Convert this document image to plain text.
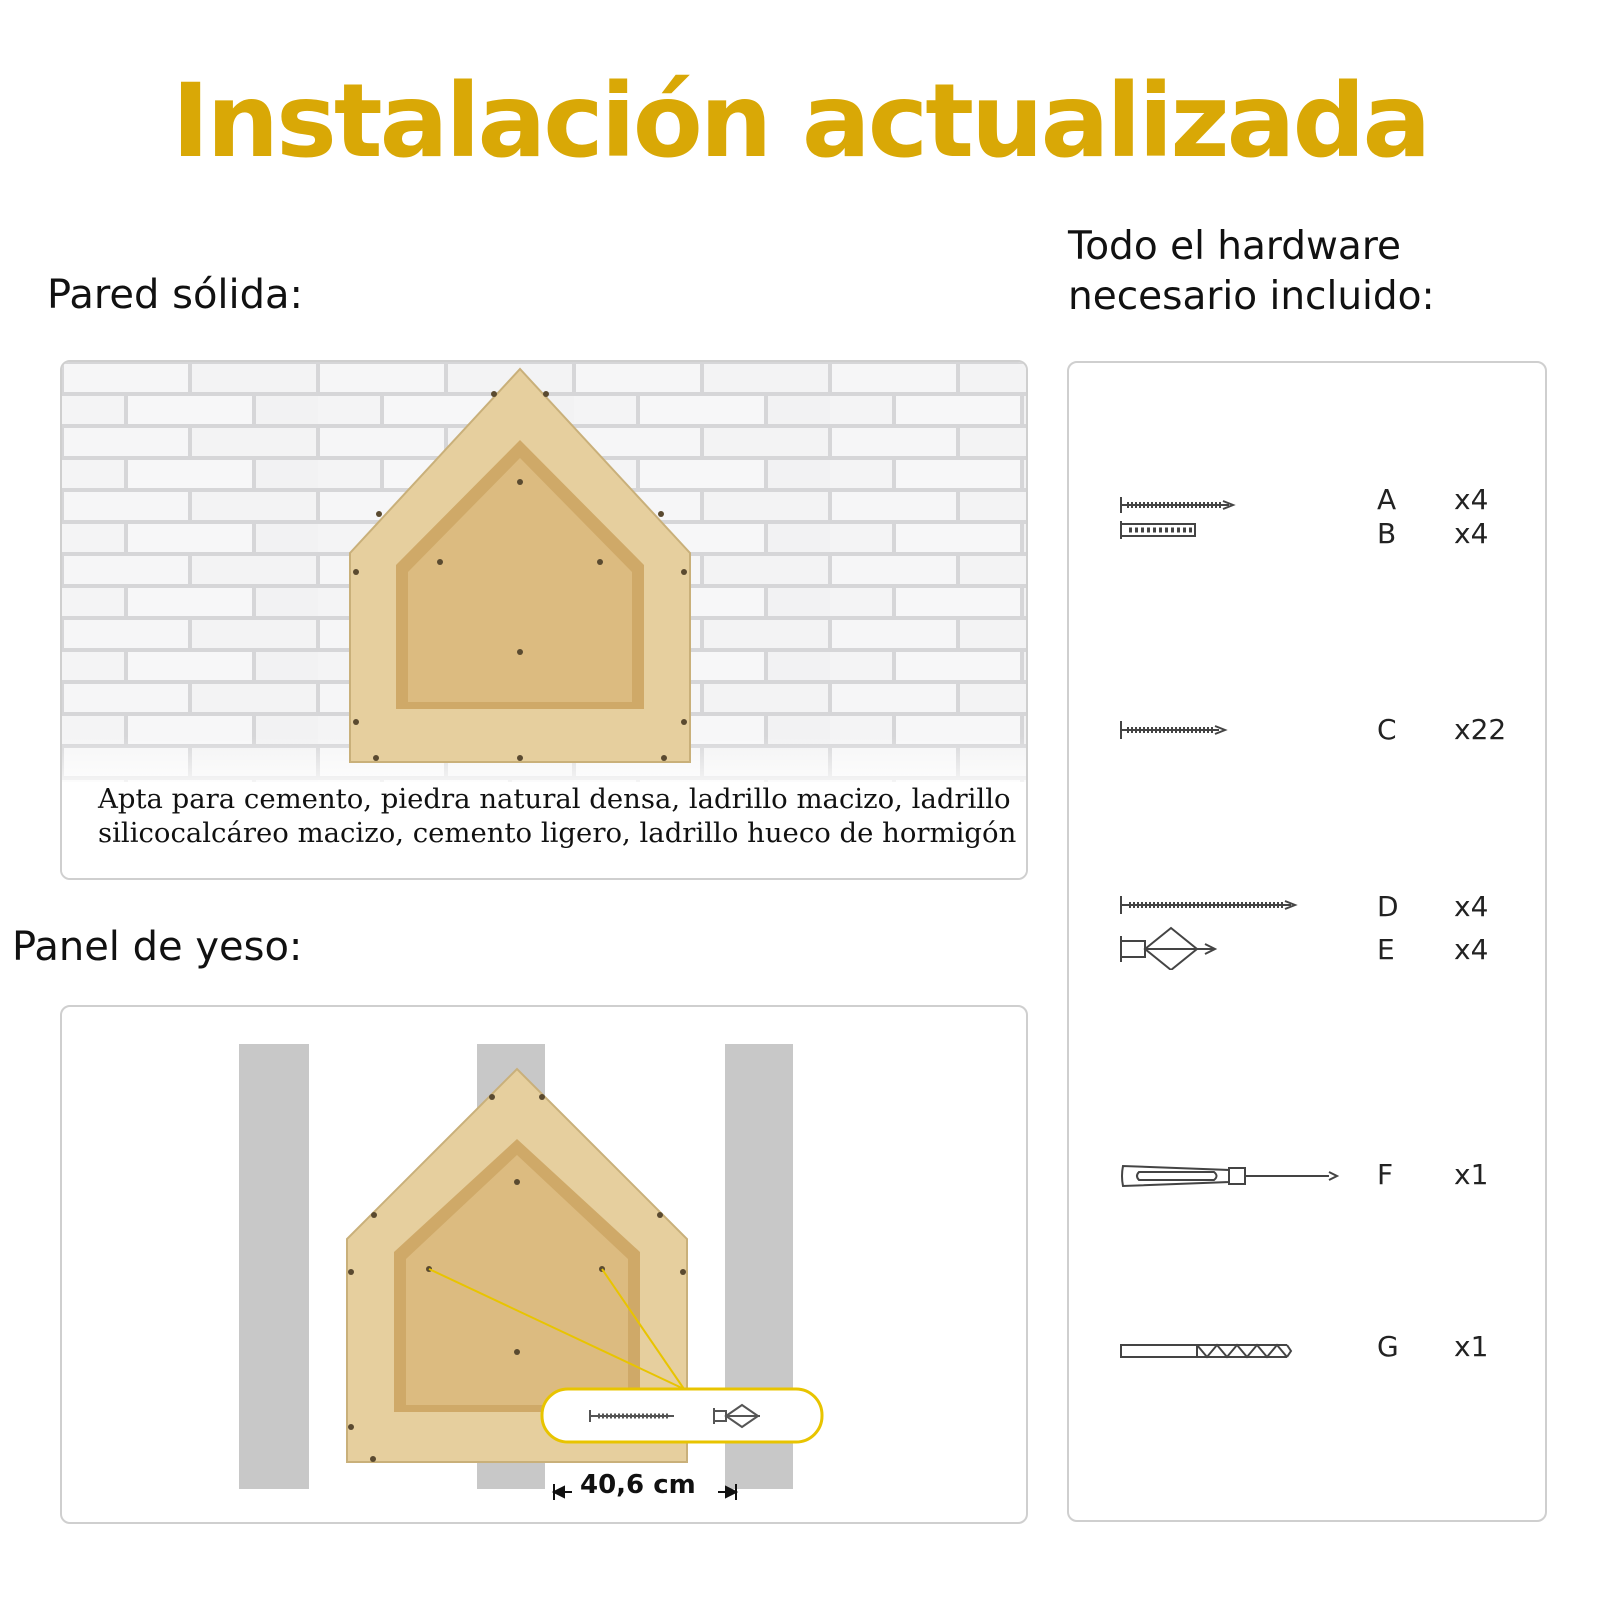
Instalación actualizada
Pared sólida:
Todo el hardware
necesario incluido:
Panel de yeso:
Apta para cemento, piedra natural densa, ladrillo macizo, ladrillo
silicocalcáreo macizo, cemento ligero, ladrillo hueco de hormigón
40,6 cm
A x4
B x4
C x22
D x4
E x4
F x1
G x1
